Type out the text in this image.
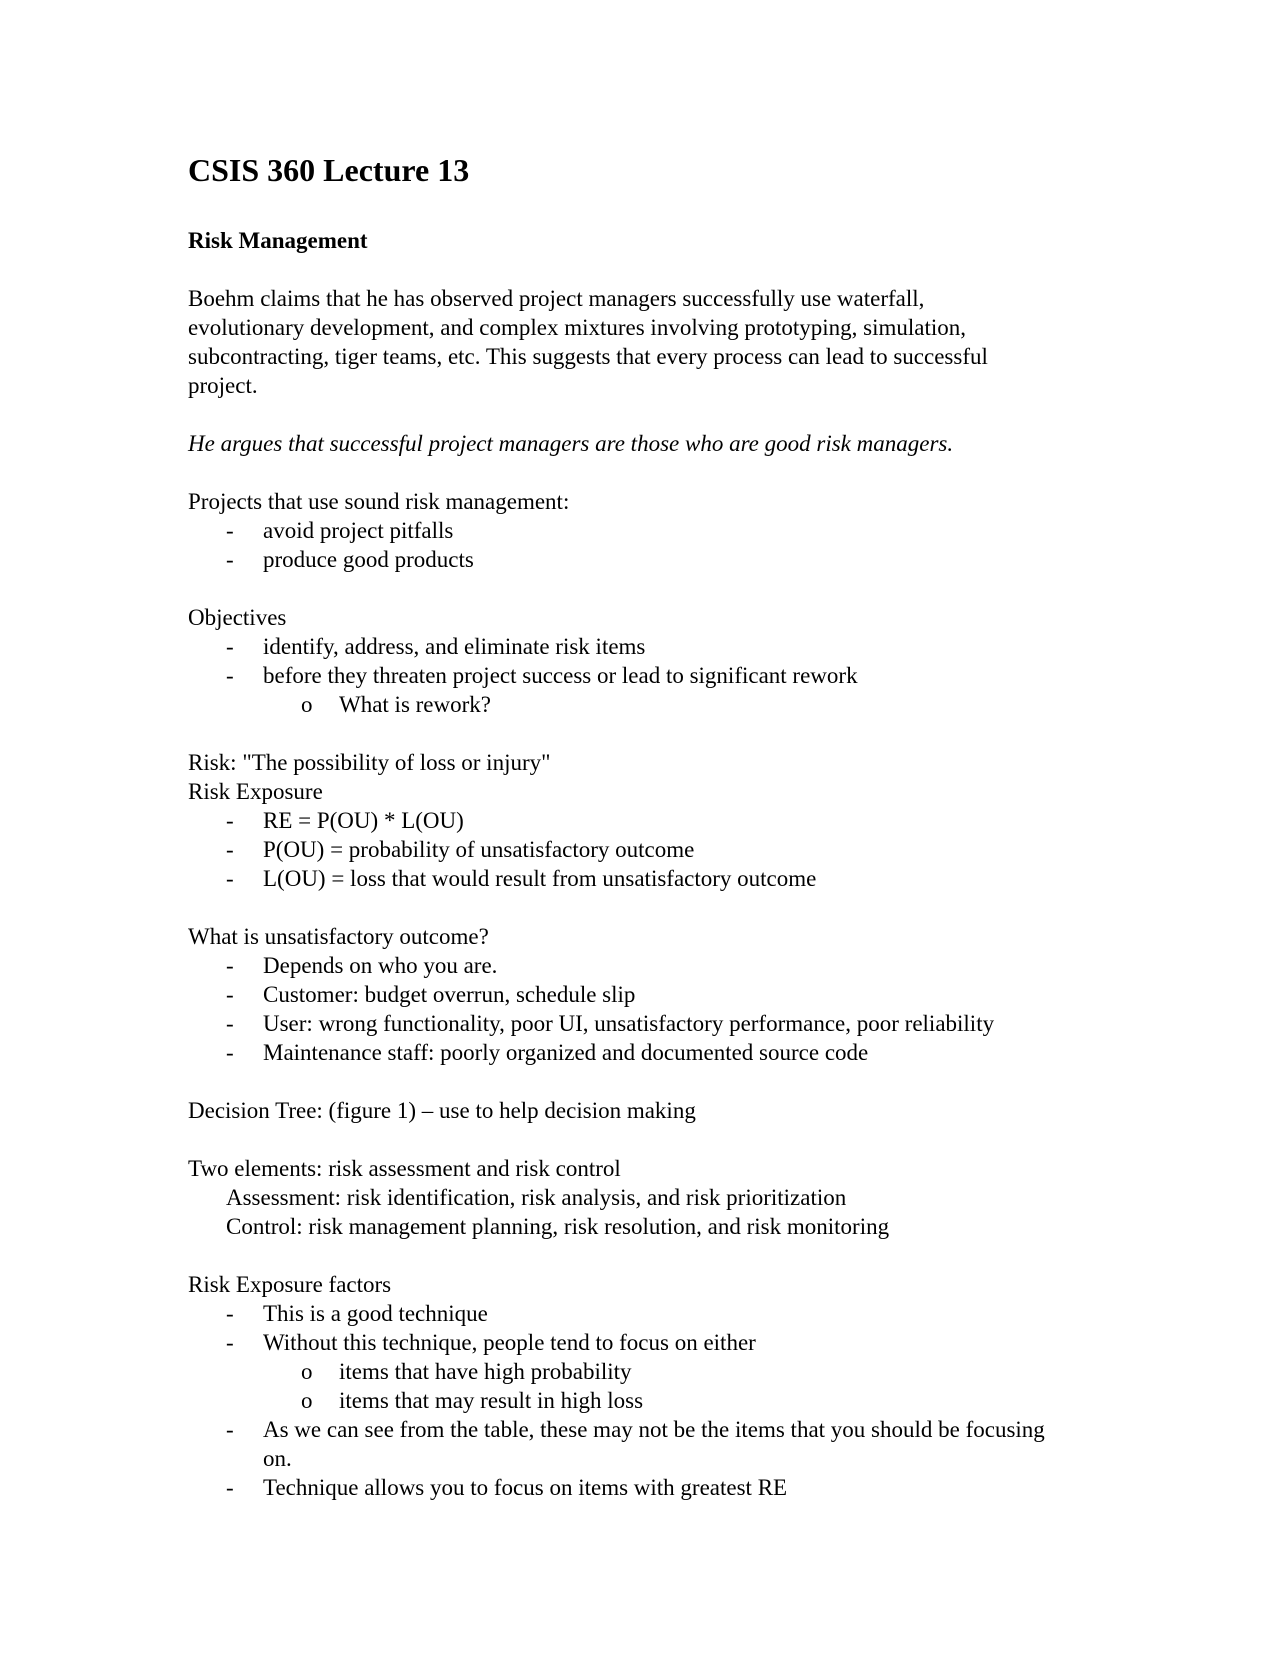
CSIS 360 Lecture 13
Risk Management
Boehm claims that he has observed project managers successfully use waterfall,
evolutionary development, and complex mixtures involving prototyping, simulation,
subcontracting, tiger teams, etc. This suggests that every process can lead to successful
project.
He argues that successful project managers are those who are good risk managers.
Projects that use sound risk management:
- avoid project pitfalls
- produce good products
Objectives
- identify, address, and eliminate risk items
- before they threaten project success or lead to significant rework
o What is rework?
Risk: "The possibility of loss or injury"
Risk Exposure
- RE = P(OU) * L(OU)
- P(OU) = probability of unsatisfactory outcome
- L(OU) = loss that would result from unsatisfactory outcome
What is unsatisfactory outcome?
- Depends on who you are.
- Customer: budget overrun, schedule slip
- User: wrong functionality, poor UI, unsatisfactory performance, poor reliability
- Maintenance staff: poorly organized and documented source code
Decision Tree: (figure 1) – use to help decision making
Two elements: risk assessment and risk control
Assessment: risk identification, risk analysis, and risk prioritization
Control: risk management planning, risk resolution, and risk monitoring
Risk Exposure factors
- This is a good technique
- Without this technique, people tend to focus on either
o items that have high probability
o items that may result in high loss
- As we can see from the table, these may not be the items that you should be focusing on.
- Technique allows you to focus on items with greatest RE
